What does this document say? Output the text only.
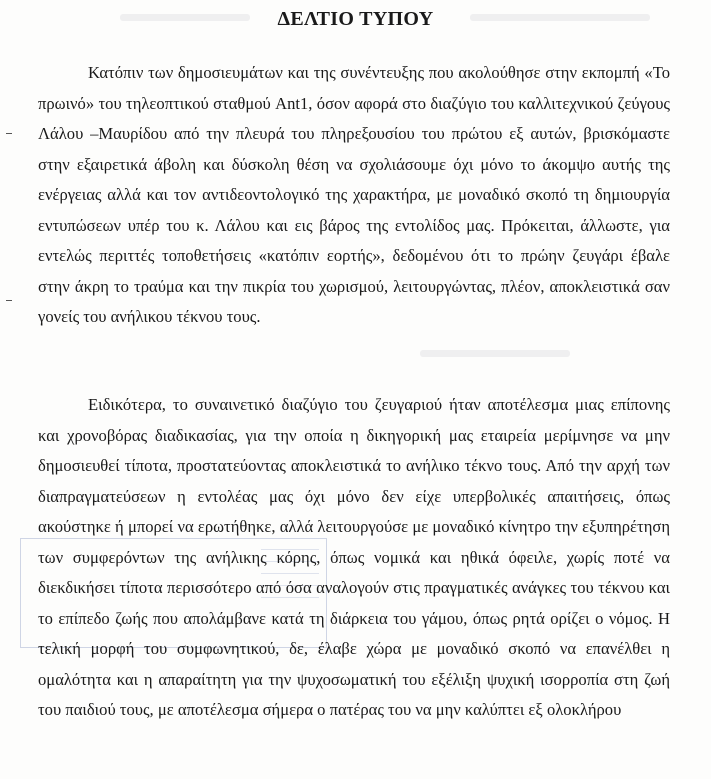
ΔΕΛΤΙΟ ΤΥΠΟΥ

Κατόπιν των δημοσιευμάτων και της συνέντευξης που ακολούθησε στην εκπομπή «Το πρωινό» του τηλεοπτικού σταθμού Ant1, όσον αφορά στο διαζύγιο του καλλιτεχνικού ζεύγους Λάλου –Μαυρίδου από την πλευρά του πληρεξουσίου του πρώτου εξ αυτών, βρισκόμαστε στην εξαιρετικά άβολη και δύσκολη θέση να σχολιάσουμε όχι μόνο το άκομψο αυτής της ενέργειας αλλά και τον αντιδεοντολογικό της χαρακτήρα, με μοναδικό σκοπό τη δημιουργία εντυπώσεων υπέρ του κ. Λάλου και εις βάρος της εντολίδος μας. Πρόκειται, άλλωστε, για εντελώς περιττές τοποθετήσεις «κατόπιν εορτής», δεδομένου ότι το πρώην ζευγάρι έβαλε στην άκρη το τραύμα και την πικρία του χωρισμού, λειτουργώντας, πλέον, αποκλειστικά σαν γονείς του ανήλικου τέκνου τους.

Ειδικότερα, το συναινετικό διαζύγιο του ζευγαριού ήταν αποτέλεσμα μιας επίπονης και χρονοβόρας διαδικασίας, για την οποία η δικηγορική μας εταιρεία μερίμνησε να μην δημοσιευθεί τίποτα, προστατεύοντας αποκλειστικά το ανήλικο τέκνο τους. Από την αρχή των διαπραγματεύσεων η εντολέας μας όχι μόνο δεν είχε υπερβολικές απαιτήσεις, όπως ακούστηκε ή μπορεί να ερωτήθηκε, αλλά λειτουργούσε με μοναδικό κίνητρο την εξυπηρέτηση των συμφερόντων της ανήλικης κόρης, όπως νομικά και ηθικά όφειλε, χωρίς ποτέ να διεκδικήσει τίποτα περισσότερο από όσα αναλογούν στις πραγματικές ανάγκες του τέκνου και το επίπεδο ζωής που απολάμβανε κατά τη διάρκεια του γάμου, όπως ρητά ορίζει ο νόμος. Η τελική μορφή του συμφωνητικού, δε, έλαβε χώρα με μοναδικό σκοπό να επανέλθει η ομαλότητα και η απαραίτητη για την ψυχοσωματική του εξέλιξη ψυχική ισορροπία στη ζωή του παιδιού τους, με αποτέλεσμα σήμερα ο πατέρας του να μην καλύπτει εξ ολοκλήρου
